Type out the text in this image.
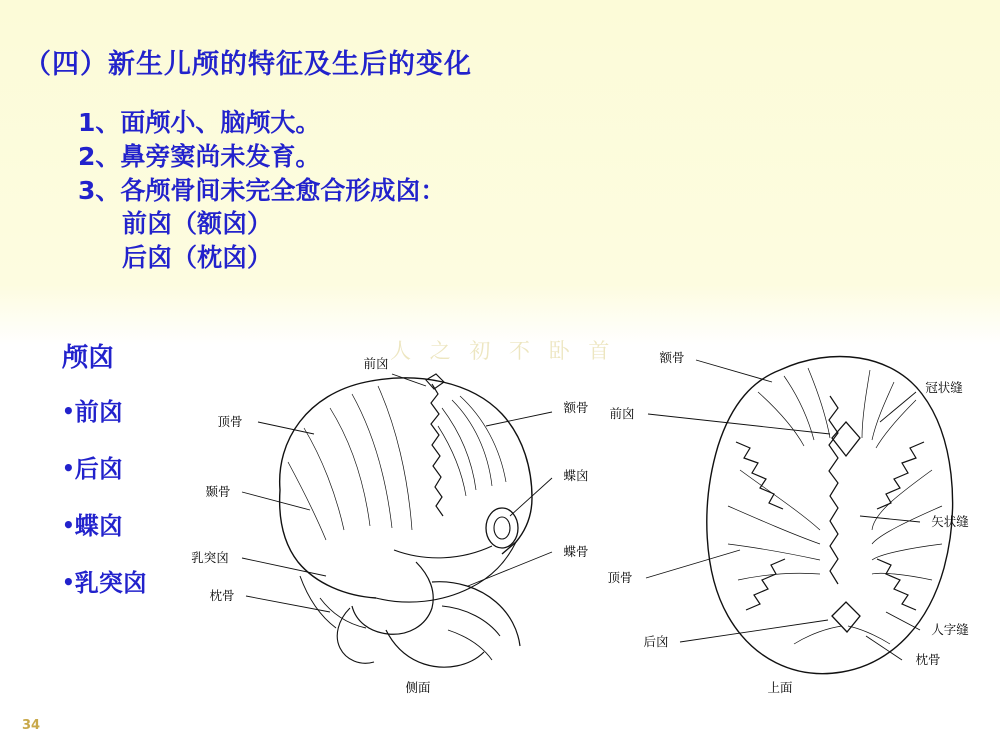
人 之 初 不 卧 首
（四）新生儿颅的特征及生后的变化
1、面颅小、脑颅大。
2、鼻旁窦尚未发育。
3、各颅骨间未完全愈合形成囟：
前囟（额囟）
后囟（枕囟）
颅囟
•前囟
•后囟
•蝶囟
•乳突囟
前囟
顶骨
颞骨
乳突囟
枕骨
额骨
蝶囟
蝶骨
额骨
前囟
顶骨
后囟
冠状缝
矢状缝
人字缝
枕骨
侧面	上面
34
